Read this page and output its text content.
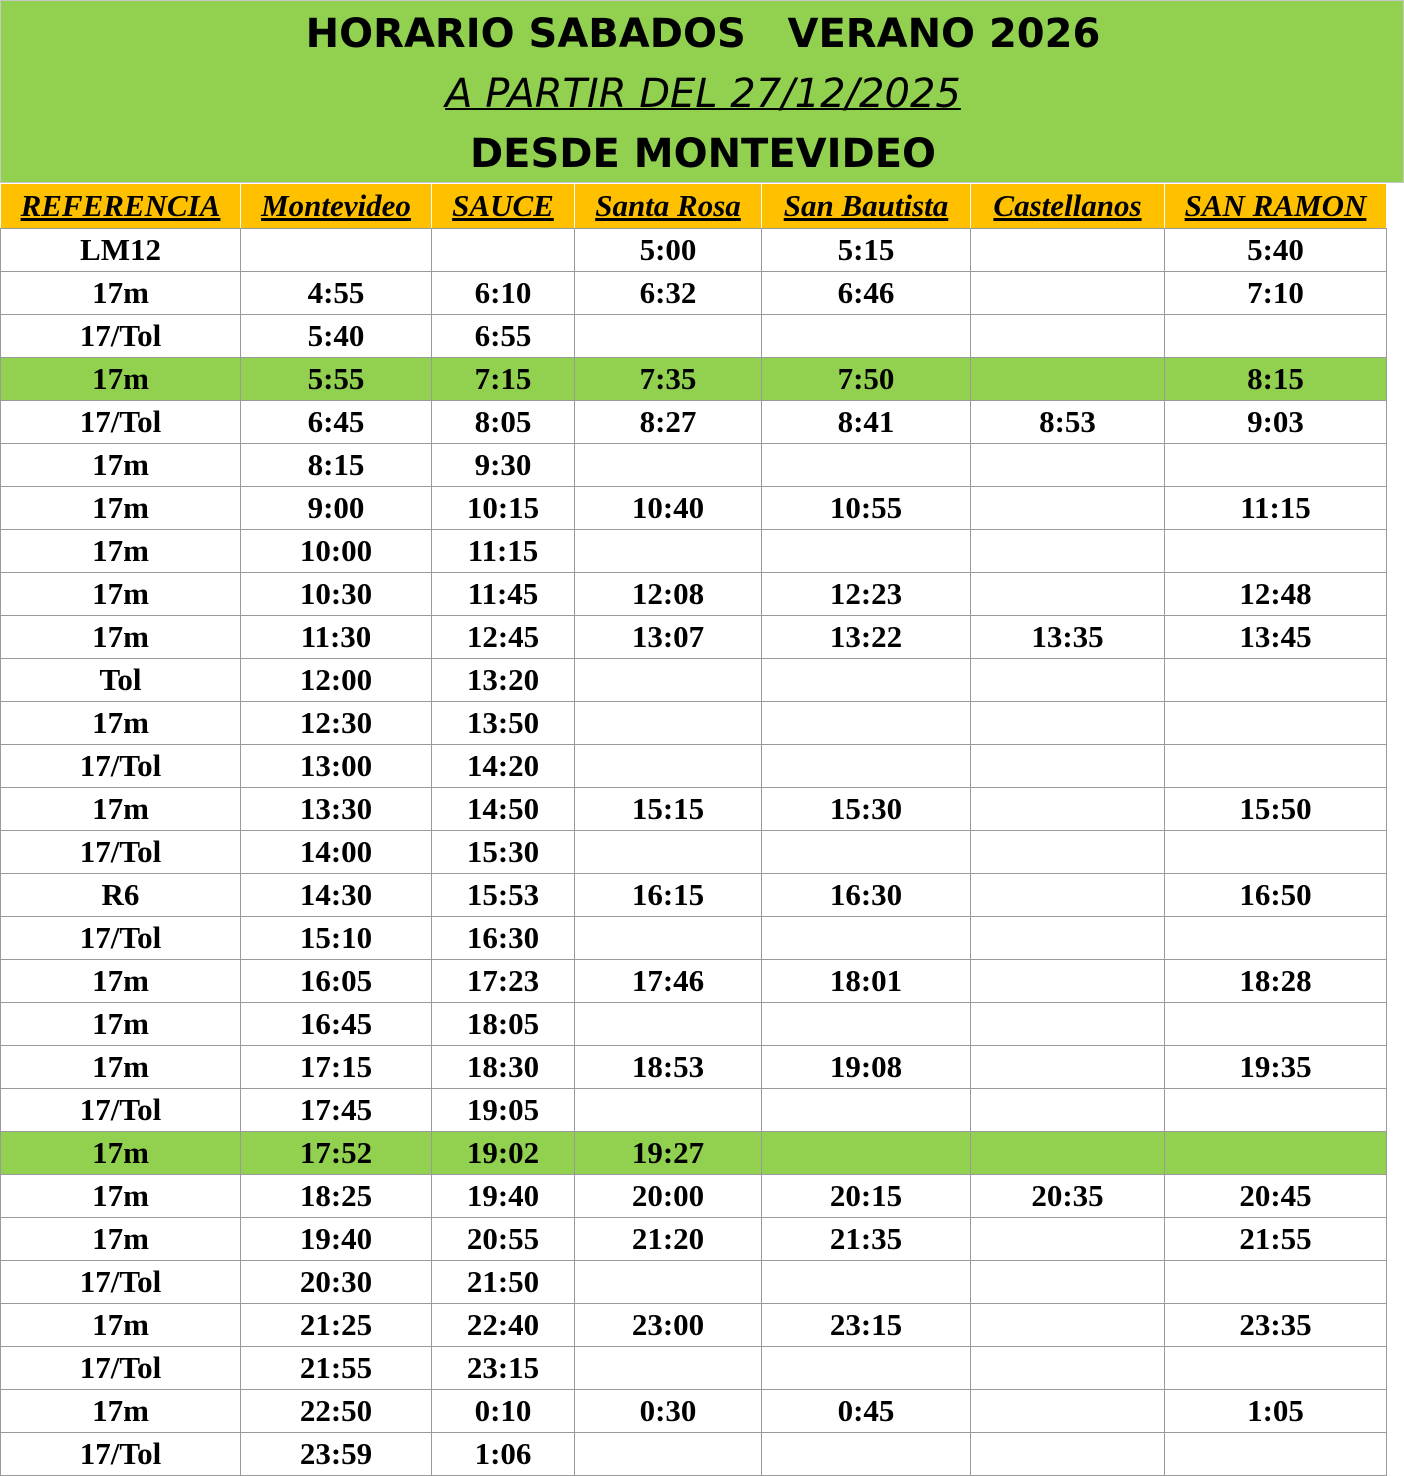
HORARIO SABADOS   VERANO 2026
A PARTIR DEL 27/12/2025
DESDE MONTEVIDEO
REFERENCIA	Montevideo	SAUCE	Santa Rosa	San Bautista	Castellanos	SAN RAMON
LM12			5:00	5:15		5:40
17m	4:55	6:10	6:32	6:46		7:10
17/Tol	5:40	6:55				
17m	5:55	7:15	7:35	7:50		8:15
17/Tol	6:45	8:05	8:27	8:41	8:53	9:03
17m	8:15	9:30				
17m	9:00	10:15	10:40	10:55		11:15
17m	10:00	11:15				
17m	10:30	11:45	12:08	12:23		12:48
17m	11:30	12:45	13:07	13:22	13:35	13:45
Tol	12:00	13:20				
17m	12:30	13:50				
17/Tol	13:00	14:20				
17m	13:30	14:50	15:15	15:30		15:50
17/Tol	14:00	15:30				
R6	14:30	15:53	16:15	16:30		16:50
17/Tol	15:10	16:30				
17m	16:05	17:23	17:46	18:01		18:28
17m	16:45	18:05				
17m	17:15	18:30	18:53	19:08		19:35
17/Tol	17:45	19:05				
17m	17:52	19:02	19:27			
17m	18:25	19:40	20:00	20:15	20:35	20:45
17m	19:40	20:55	21:20	21:35		21:55
17/Tol	20:30	21:50				
17m	21:25	22:40	23:00	23:15		23:35
17/Tol	21:55	23:15				
17m	22:50	0:10	0:30	0:45		1:05
17/Tol	23:59	1:06				
